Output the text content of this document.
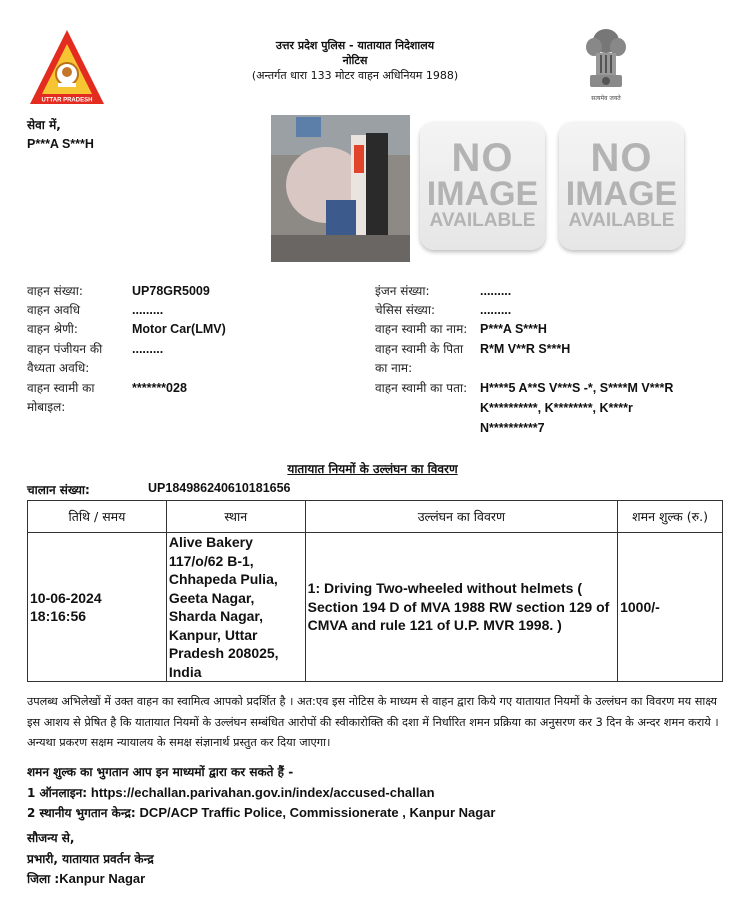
UTTAR PRADESH
उत्तर प्रदेश पुलिस - यातायात निदेशालय
नोटिस
(अन्तर्गत धारा 133 मोटर वाहन अधिनियम 1988)
सत्यमेव जयते
सेवा में,
P***A S***H	NO
IMAGE
AVAILABLE
NO
IMAGE
AVAILABLE
वाहन संख्या:	UP78GR5009
वाहन अवधि	.........
वाहन श्रेणी:	Motor Car(LMV)
वाहन पंजीयन की
वैध्यता अवधि:
.........
वाहन स्वामी का
मोबाइल:
*******028
इंजन संख्या:	.........
चेसिस संख्या:	.........
वाहन स्वामी का नाम: P***A S***H
वाहन स्वामी के पिता
का नाम:
R*M V**R S***H
वाहन स्वामी का पता: H****5 A**S V***S -*, S****M V***R
K**********, K********, K****r
N**********7
यातायात नियमों के उल्लंघन का विवरण
चालान संख्या:	UP184986240610181656
तिथि / समय	स्थान	उल्लंघन का विवरण	शमन शुल्क (रु.)

10-06-2024
18:16:56	Alive Bakery 117/o/62 B-1, Chhapeda Pulia, Geeta Nagar, Sharda Nagar, Kanpur, Uttar Pradesh 208025, India	1: Driving Two-wheeled without helmets ( Section 194 D of MVA 1988 RW section 129 of CMVA and rule 121 of U.P. MVR 1998. )	1000/-
उपलब्ध अभिलेखों में उक्त वाहन का स्वामित्व आपको प्रदर्शित है । अत:एव इस नोटिस के माध्यम से वाहन द्वारा किये गए यातायात नियमों के उल्लंघन का विवरण मय साक्ष्य इस आशय से प्रेषित है कि यातायात नियमों के उल्लंघन सम्बंधित आरोपों की स्वीकारोक्ति की दशा में निर्धारित शमन प्रक्रिया का अनुसरण कर 3 दिन के अन्दर शमन कराये । अन्यथा प्रकरण सक्षम न्यायालय के समक्ष संज्ञानार्थ प्रस्तुत कर दिया जाएगा।
शमन शुल्क का भुगतान आप इन माध्यमों द्वारा कर सकते हैं -
1 ऑनलाइन: https://echallan.parivahan.gov.in/index/accused-challan
2 स्थानीय भुगतान केन्द्र: DCP/ACP Traffic Police, Commissionerate , Kanpur Nagar
सौजन्य से,
प्रभारी, यातायात प्रवर्तन केन्द्र
जिला :Kanpur Nagar
